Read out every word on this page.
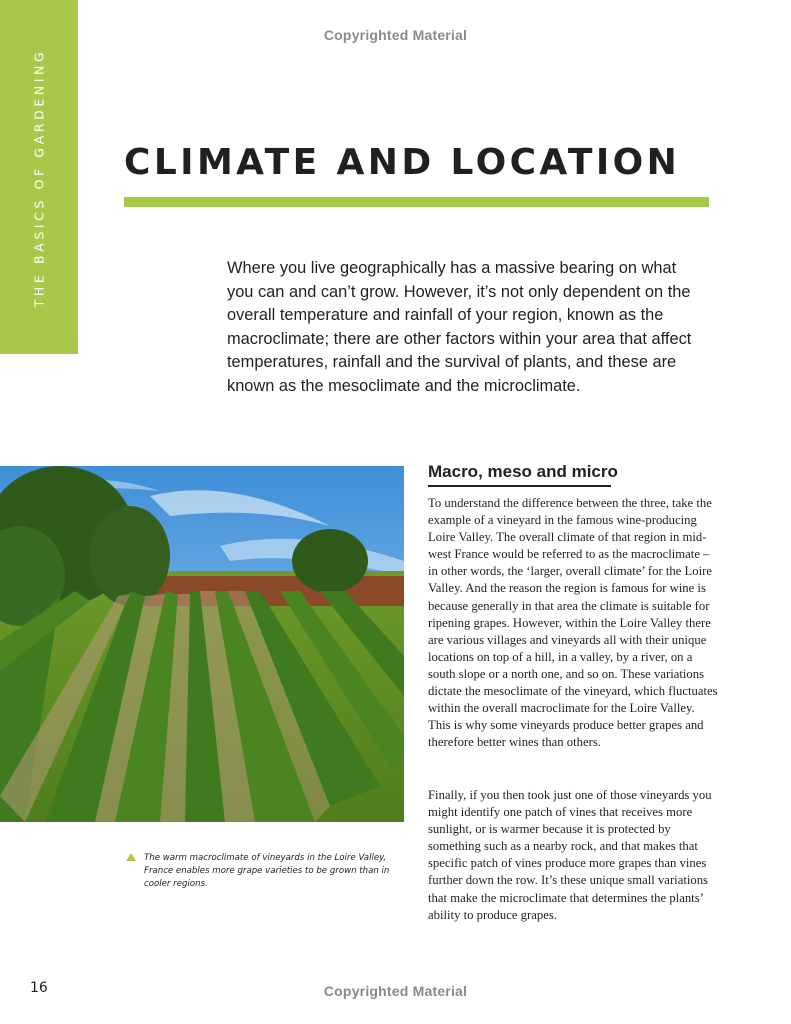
Copyrighted Material
THE BASICS OF GARDENING CLIMATE AND LOCATION

Where you live geographically has a massive bearing on what you can and can’t grow. However, it’s not only dependent on the overall temperature and rainfall of your region, known as the macroclimate; there are other factors within your area that affect temperatures, rainfall and the survival of plants, and these are known as the mesoclimate and the microclimate.

The warm macroclimate of vineyards in the Loire Valley, France enables more grape varieties to be grown than in cooler regions.

Macro, meso and micro

To understand the difference between the three, take the example of a vineyard in the famous wine-producing Loire Valley. The overall climate of that region in mid-west France would be referred to as the macroclimate – in other words, the ‘larger, overall climate’ for the Loire Valley. And the reason the region is famous for wine is because generally in that area the climate is suitable for ripening grapes. However, within the Loire Valley there are various villages and vineyards all with their unique locations on top of a hill, in a valley, by a river, on a south slope or a north one, and so on. These variations dictate the mesoclimate of the vineyard, which fluctuates within the overall macroclimate for the Loire Valley. This is why some vineyards produce better grapes and therefore better wines than others.

Finally, if you then took just one of those vineyards you might identify one patch of vines that receives more sunlight, or is warmer because it is protected by something such as a nearby rock, and that makes that specific patch of vines produce more grapes than vines further down the row. It’s these unique small variations that make the microclimate that determines the plants’ ability to produce grapes.

16	Copyrighted Material
